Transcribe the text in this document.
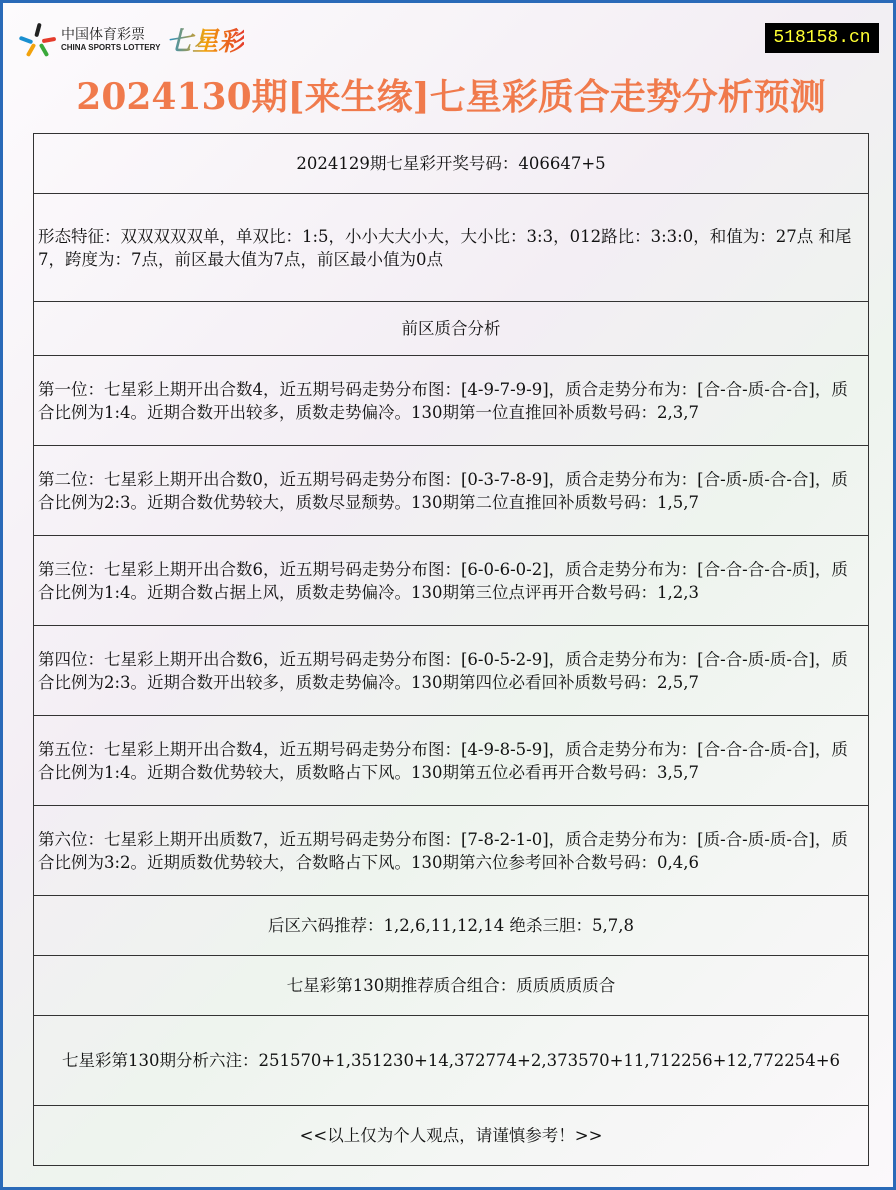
中国体育彩票
CHINA SPORTS LOTTERY 七星彩	518158.cn
2024130期[来生缘]七星彩质合走势分析预测
2024129期七星彩开奖号码：406647+5
形态特征：双双双双双单，单双比：1:5，小小大大小大，大小比：3:3，012路比：3:3:0，和值为：27点 和尾7，跨度为：7点，前区最大值为7点，前区最小值为0点
前区质合分析
第一位：七星彩上期开出合数4，近五期号码走势分布图：[4-9-7-9-9]，质合走势分布为：[合-合-质-合-合]，质合比例为1:4。近期合数开出较多，质数走势偏冷。130期第一位直推回补质数号码：2,3,7
第二位：七星彩上期开出合数0，近五期号码走势分布图：[0-3-7-8-9]，质合走势分布为：[合-质-质-合-合]，质合比例为2:3。近期合数优势较大，质数尽显颓势。130期第二位直推回补质数号码：1,5,7
第三位：七星彩上期开出合数6，近五期号码走势分布图：[6-0-6-0-2]，质合走势分布为：[合-合-合-合-质]，质合比例为1:4。近期合数占据上风，质数走势偏冷。130期第三位点评再开合数号码：1,2,3
第四位：七星彩上期开出合数6，近五期号码走势分布图：[6-0-5-2-9]，质合走势分布为：[合-合-质-质-合]，质合比例为2:3。近期合数开出较多，质数走势偏冷。130期第四位必看回补质数号码：2,5,7
第五位：七星彩上期开出合数4，近五期号码走势分布图：[4-9-8-5-9]，质合走势分布为：[合-合-合-质-合]，质合比例为1:4。近期合数优势较大，质数略占下风。130期第五位必看再开合数号码：3,5,7
第六位：七星彩上期开出质数7，近五期号码走势分布图：[7-8-2-1-0]，质合走势分布为：[质-合-质-质-合]，质合比例为3:2。近期质数优势较大，合数略占下风。130期第六位参考回补合数号码：0,4,6
后区六码推荐：1,2,6,11,12,14 绝杀三胆：5,7,8
七星彩第130期推荐质合组合：质质质质质合
七星彩第130期分析六注：251570+1,351230+14,372774+2,373570+11,712256+12,772254+6
<<以上仅为个人观点，请谨慎参考！>>
